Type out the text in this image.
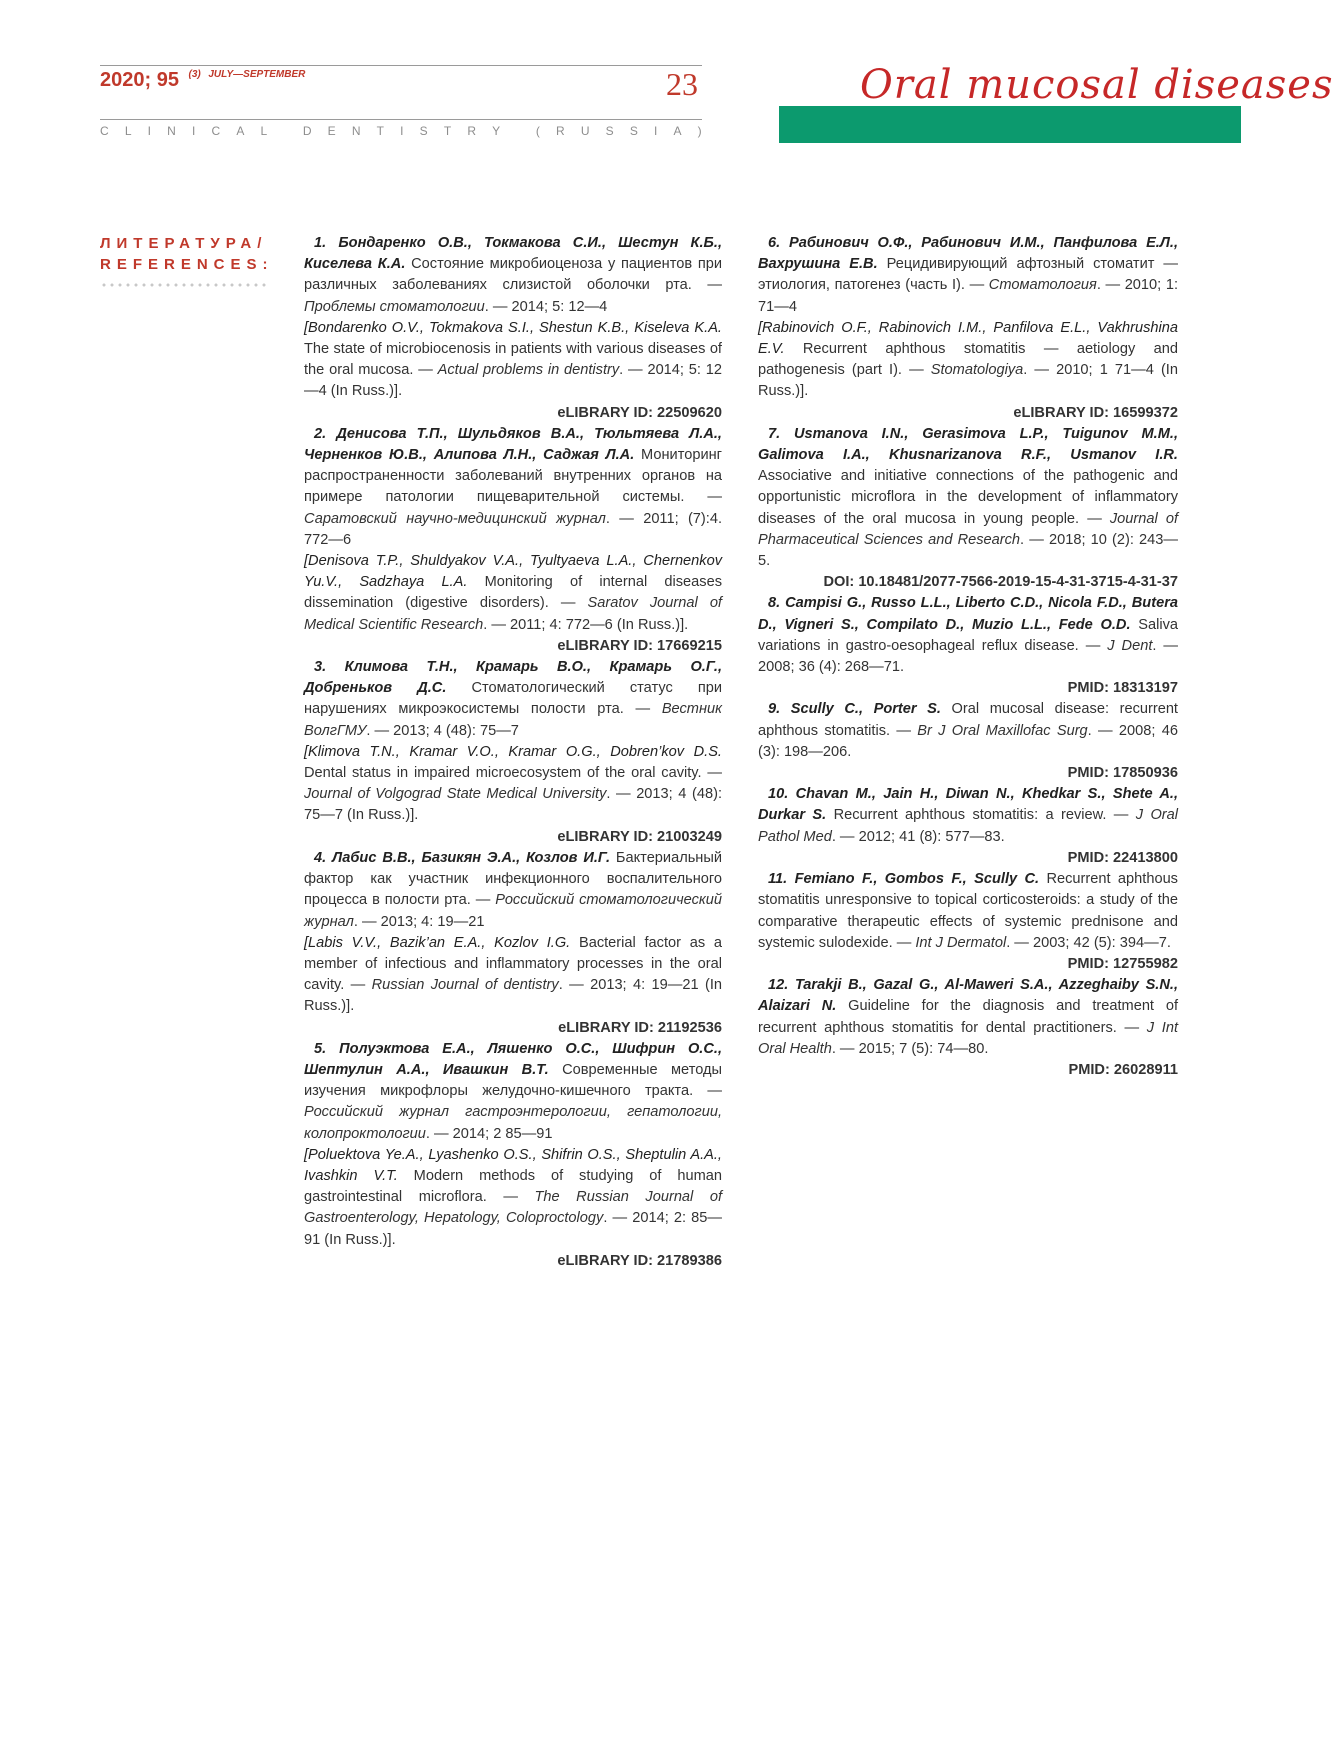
2020; 95 $^{(3)}$ $^{JULY—SEPTEMBER}$	23
C L I N I C A L
	D E N T I S T R Y
	( R U S S I A )
Oral mucosal diseases
ЛИТЕРАТУРА/
REFERENCES:

1. Бондаренко О.В., Токмакова С.И., Шестун К.Б., Киселева К.А. Состояние микробиоценоза у пациентов при различных заболеваниях слизистой оболочки рта. — Проблемы стоматологии. — 2014; 5: 12—4

[Bondarenko O.V., Tokmakova S.I., Shestun K.B., Kiseleva K.A. The state of microbiocenosis in patients with various diseases of the oral mucosa. — Actual problems in dentistry. — 2014; 5: 12—4 (In Russ.)].
eLIBRARY ID: 22509620

2. Денисова Т.П., Шульдяков В.А., Тюльтяева Л.А., Черненков Ю.В., Алипова Л.Н., Саджая Л.А. Мониторинг распространенности заболеваний внутренних органов на примере патологии пищеварительной системы. — Саратовский научно-медицинский журнал. — 2011; (7):4. 772—6

[Denisova T.P., Shuldyakov V.A., Tyultyaeva L.A., Chernenkov Yu.V., Sadzhaya L.A. Monitoring of internal diseases dissemination (digestive disorders). — Saratov Journal of Medical Scientific Research. — 2011; 4: 772—6 (In Russ.)].
eLIBRARY ID: 17669215

3. Климова Т.Н., Крамарь В.О., Крамарь О.Г., Добреньков Д.С. Стоматологический статус при нарушениях микроэкосистемы полости рта. — Вестник ВолгГМУ. — 2013; 4 (48): 75—7

[Klimova T.N., Kramar V.O., Kramar O.G., Dobren’kov D.S. Dental status in impaired microecosystem of the oral cavity. — Journal of Volgograd State Medical University. — 2013; 4 (48): 75—7 (In Russ.)].
eLIBRARY ID: 21003249

4. Лабис В.В., Базикян Э.А., Козлов И.Г. Бактериальный фактор как участник инфекционного воспалительного процесса в полости рта. — Российский стоматологический журнал. — 2013; 4: 19—21

[Labis V.V., Bazik’an E.A., Kozlov I.G. Bacterial factor as a member of infectious and inflammatory processes in the oral cavity. — Russian Journal of dentistry. — 2013; 4: 19—21 (In Russ.)].
eLIBRARY ID: 21192536

5. Полуэктова Е.А., Ляшенко О.С., Шифрин О.С., Шептулин А.А., Ивашкин В.Т. Современные методы изучения микрофлоры желудочно-кишечного тракта. — Российский журнал гастроэнтерологии, гепатологии, колопроктологии. — 2014; 2 85—91

[Poluektova Ye.A., Lyashenko O.S., Shifrin O.S., Sheptulin A.A., Ivashkin V.T. Modern methods of studying of human gastrointestinal microflora. — The Russian Journal of Gastroenterology, Hepatology, Coloproctology. — 2014; 2: 85—91 (In Russ.)].
eLIBRARY ID: 21789386

6. Рабинович О.Ф., Рабинович И.М., Панфилова Е.Л., Вахрушина Е.В. Рецидивирующий афтозный стоматит — этиология, патогенез (часть I). — Стоматология. — 2010; 1: 71—4

[Rabinovich O.F., Rabinovich I.M., Panfilova E.L., Vakhrushina E.V. Recurrent aphthous stomatitis — aetiology and pathogenesis (part I). — Stomatologiya. — 2010; 1 71—4 (In Russ.)].
eLIBRARY ID: 16599372

7. Usmanova I.N., Gerasimova L.P., Tuigunov M.M., Galimova I.A., Khusnarizanova R.F., Usmanov I.R. Associative and initiative connections of the pathogenic and opportunistic microflora in the development of inflammatory diseases of the oral mucosa in young people. — Journal of Pharmaceutical Sciences and Research. — 2018; 10 (2): 243—5.
DOI: 10.18481/2077-7566-2019-15-4-31-3715-4-31-37

8. Campisi G., Russo L.L., Liberto C.D., Nicola F.D., Butera D., Vigneri S., Compilato D., Muzio L.L., Fede O.D. Saliva variations in gastro-oesophageal reflux disease. — J Dent. — 2008; 36 (4): 268—71.
PMID: 18313197

9. Scully C., Porter S. Oral mucosal disease: recurrent aphthous stomatitis. — Br J Oral Maxillofac Surg. — 2008; 46 (3): 198—206.
PMID: 17850936

10. Chavan M., Jain H., Diwan N., Khedkar S., Shete A., Durkar S. Recurrent aphthous stomatitis: a review. — J Oral Pathol Med. — 2012; 41 (8): 577—83.
PMID: 22413800

11. Femiano F., Gombos F., Scully C. Recurrent aphthous stomatitis unresponsive to topical corticosteroids: a study of the comparative therapeutic effects of systemic prednisone and systemic sulodexide. — Int J Dermatol. — 2003; 42 (5): 394—7.
PMID: 12755982

12. Tarakji B., Gazal G., Al-Maweri S.A., Azzeghaiby S.N., Alaizari N. Guideline for the diagnosis and treatment of recurrent aphthous stomatitis for dental practitioners. — J Int Oral Health. — 2015; 7 (5): 74—80.
PMID: 26028911
